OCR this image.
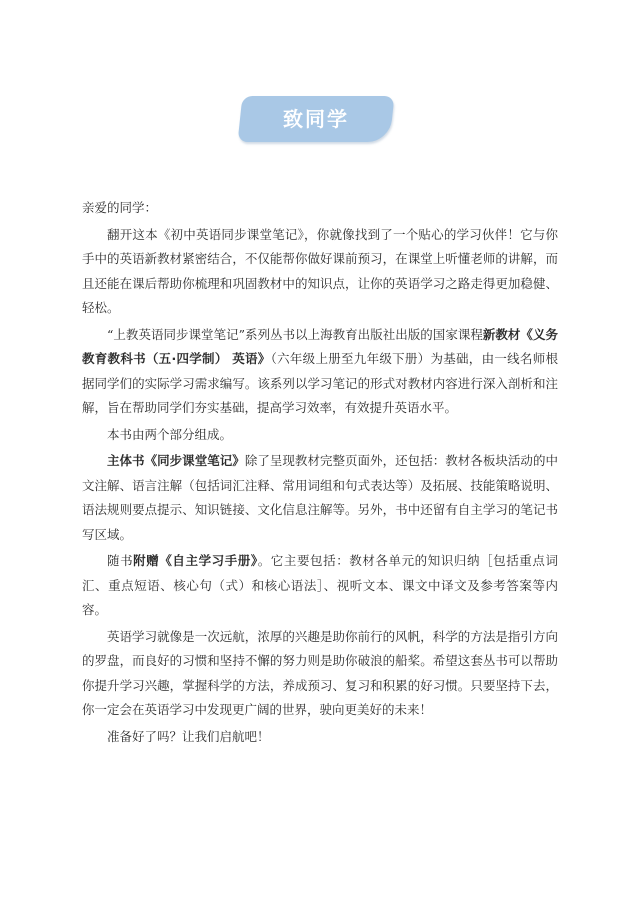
致同学

亲爱的同学：

翻开这本《初中英语同步课堂笔记》，你就像找到了一个贴心的学习伙伴！它与你手中的英语新教材紧密结合，不仅能帮你做好课前预习，在课堂上听懂老师的讲解，而且还能在课后帮助你梳理和巩固教材中的知识点，让你的英语学习之路走得更加稳健、轻松。

“上教英语同步课堂笔记”系列丛书以上海教育出版社出版的国家课程新教材《义务教育教科书（五·四学制） 英语》（六年级上册至九年级下册）为基础，由一线名师根据同学们的实际学习需求编写。该系列以学习笔记的形式对教材内容进行深入剖析和注解，旨在帮助同学们夯实基础，提高学习效率，有效提升英语水平。

本书由两个部分组成。

主体书《同步课堂笔记》除了呈现教材完整页面外，还包括：教材各板块活动的中文注解、语言注解（包括词汇注释、常用词组和句式表达等）及拓展、技能策略说明、语法规则要点提示、知识链接、文化信息注解等。另外，书中还留有自主学习的笔记书写区域。

随书附赠《自主学习手册》。它主要包括：教材各单元的知识归纳［包括重点词汇、重点短语、核心句（式）和核心语法］、视听文本、课文中译文及参考答案等内容。

英语学习就像是一次远航，浓厚的兴趣是助你前行的风帆，科学的方法是指引方向的罗盘，而良好的习惯和坚持不懈的努力则是助你破浪的船桨。希望这套丛书可以帮助你提升学习兴趣，掌握科学的方法，养成预习、复习和积累的好习惯。只要坚持下去，你一定会在英语学习中发现更广阔的世界，驶向更美好的未来！

准备好了吗？让我们启航吧！
